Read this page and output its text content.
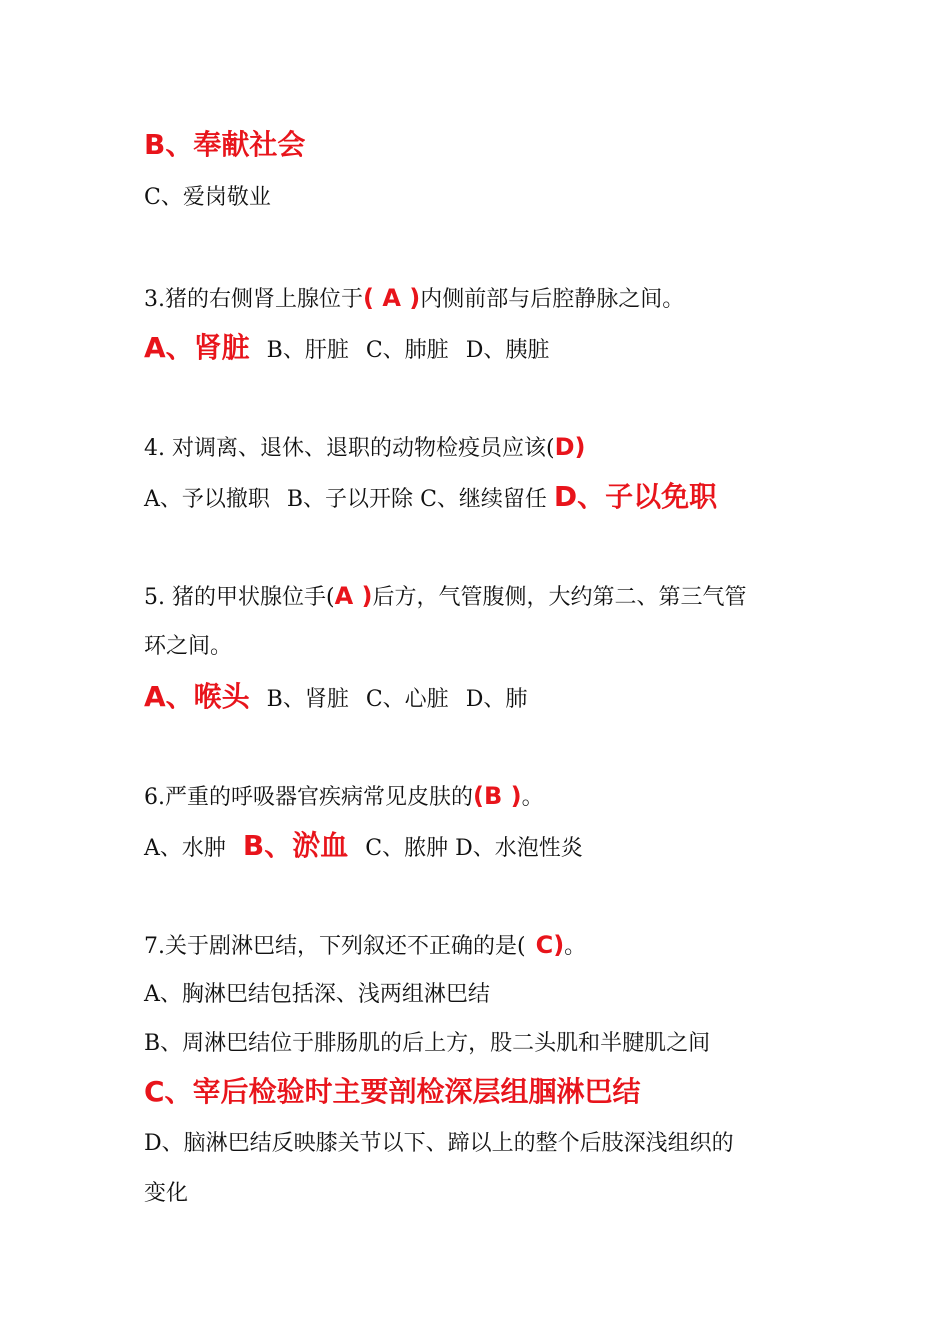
B、奉献社会
C、爱岗敬业
3.猪的右侧肾上腺位于( A )内侧前部与后腔静脉之间。
A、肾脏 B、肝脏 C、肺脏 D、胰脏
4. 对调离、退休、退职的动物检疫员应该(D)
A、予以撤职 B、子以开除 C、继续留任 D、子以免职
5. 猪的甲状腺位手(A )后方，气管腹侧，大约第二、第三气管
环之间。
A、喉头 B、肾脏 C、心脏 D、肺
6.严重的呼吸器官疾病常见皮肤的(B )。
A、水肿 B、淤血 C、脓肿 D、水泡性炎
7.关于剧淋巴结，下列叙还不正确的是( C)。
A、胸淋巴结包括深、浅两组淋巴结
B、周淋巴结位于腓肠肌的后上方，股二头肌和半腱肌之间
C、宰后检验时主要剖检深层组腘淋巴结
D、脑淋巴结反映膝关节以下、蹄以上的整个后肢深浅组织的
变化
